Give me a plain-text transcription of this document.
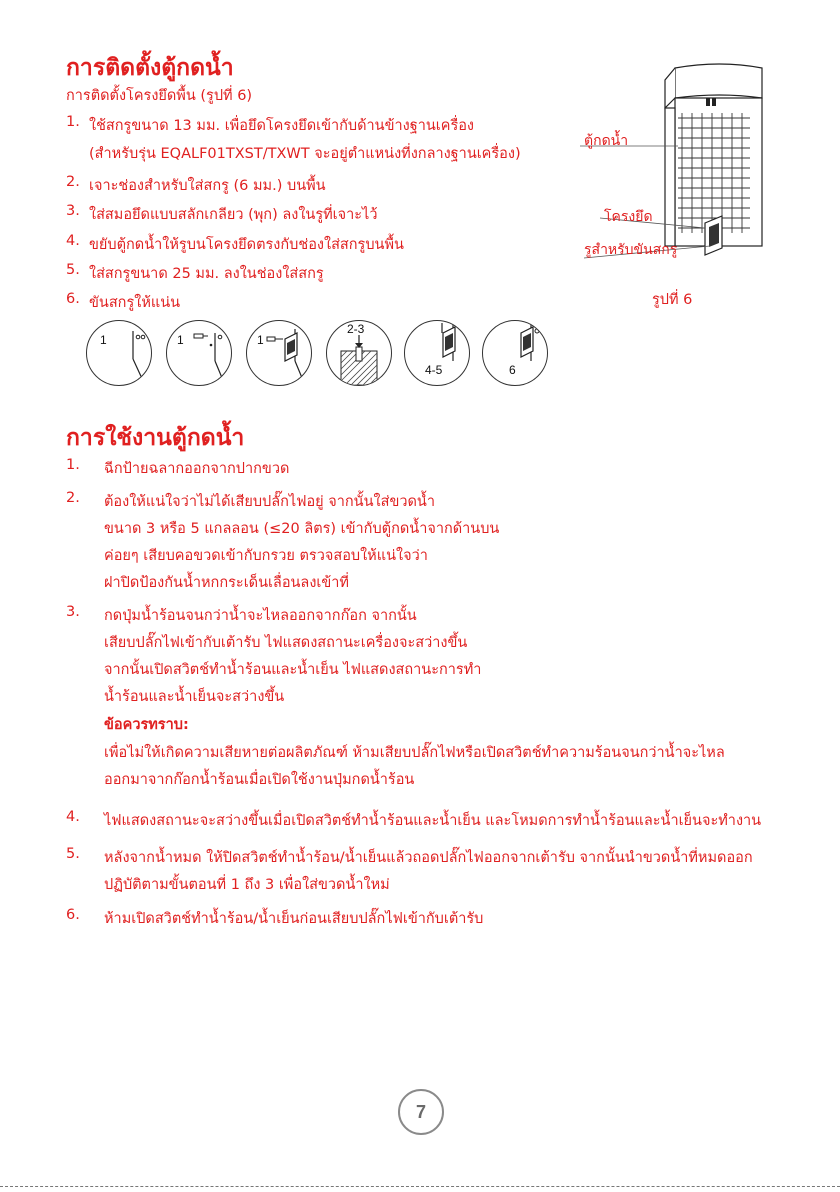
การติดตั้งตู้กดน้ำ
การติดตั้งโครงยึดพื้น (รูปที่ 6)
1. ใช้สกรูขนาด 13 มม. เพื่อยึดโครงยึดเข้ากับด้านข้างฐานเครื่อง
(สำหรับรุ่น EQALF01TXST/TXWT จะอยู่ตำแหน่งที่งกลางฐานเครื่อง)
2. เจาะช่องสำหรับใส่สกรู (6 มม.) บนพื้น
3. ใส่สมอยึดแบบสลักเกลียว (พุก) ลงในรูที่เจาะไว้
4. ขยับตู้กดน้ำให้รูบนโครงยึดตรงกับช่องใส่สกรูบนพื้น
5. ใส่สกรูขนาด 25 มม. ลงในช่องใส่สกรู
6. ขันสกรูให้แน่น
1	1	1
2-3
4-5	6
ตู้กดน้ำ
โครงยึด
รูสำหรับขันสกรู
รูปที่ 6
การใช้งานตู้กดน้ำ
1. ฉีกป้ายฉลากออกจากปากขวด
2. ต้องให้แน่ใจว่าไม่ได้เสียบปลั๊กไฟอยู่ จากนั้นใส่ขวดน้ำ
ขนาด 3 หรือ 5 แกลลอน (≤20 ลิตร) เข้ากับตู้กดน้ำจากด้านบน
ค่อยๆ เสียบคอขวดเข้ากับกรวย ตรวจสอบให้แน่ใจว่า
ฝาปิดป้องกันน้ำหกกระเด็นเลื่อนลงเข้าที่
3. กดปุ่มน้ำร้อนจนกว่าน้ำจะไหลออกจากก๊อก จากนั้น
เสียบปลั๊กไฟเข้ากับเต้ารับ ไฟแสดงสถานะเครื่องจะสว่างขึ้น
จากนั้นเปิดสวิตช์ทำน้ำร้อนและน้ำเย็น ไฟแสดงสถานะการทำ
น้ำร้อนและน้ำเย็นจะสว่างขึ้น
ข้อควรทราบ:
เพื่อไม่ให้เกิดความเสียหายต่อผลิตภัณฑ์ ห้ามเสียบปลั๊กไฟหรือเปิดสวิตช์ทำความร้อนจนกว่าน้ำจะไหล
ออกมาจากก๊อกน้ำร้อนเมื่อเปิดใช้งานปุ่มกดน้ำร้อน
4. ไฟแสดงสถานะจะสว่างขึ้นเมื่อเปิดสวิตช์ทำน้ำร้อนและน้ำเย็น และโหมดการทำน้ำร้อนและน้ำเย็นจะทำงาน
5. หลังจากน้ำหมด ให้ปิดสวิตช์ทำน้ำร้อน/น้ำเย็นแล้วถอดปลั๊กไฟออกจากเต้ารับ จากนั้นนำขวดน้ำที่หมดออก
ปฏิบัติตามขั้นตอนที่ 1 ถึง 3 เพื่อใส่ขวดน้ำใหม่
6. ห้ามเปิดสวิตช์ทำน้ำร้อน/น้ำเย็นก่อนเสียบปลั๊กไฟเข้ากับเต้ารับ
7
